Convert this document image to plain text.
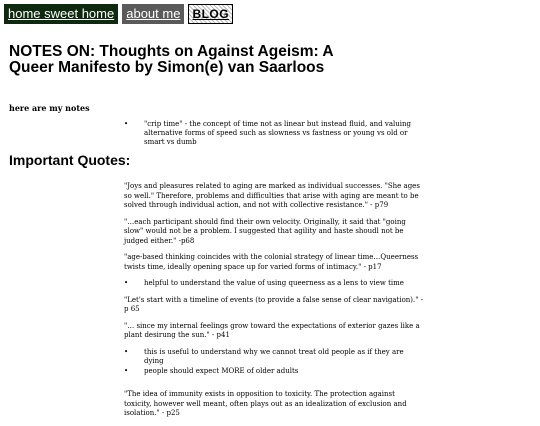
home sweet home about me	BLOG
NOTES ON: Thoughts on Against Ageism: A Queer Manifesto by Simon(e) van Saarloos
here are my notes
• "crip time" - the concept of time not as linear but instead fluid, and valuing alternative forms of speed such as slowness vs fastness or young vs old or smart vs dumb
Important Quotes:

"Joys and pleasures related to aging are marked as individual successes. "She ages so well." Therefore, problems and difficulties that arise with aging are meant to be solved through individual action, and not with collective resistance." - p79

"…each participant should find their own velocity. Originally, it said that "going slow" would not be a problem. I suggested that agility and haste shoudl not be judged either." -p68

"age-based thinking coincides with the colonial strategy of linear time…Queerness twists time, ideally opening space up for varied forms of intimacy." - p17

• helpful to understand the value of using queerness as a lens to view time

"Let's start with a timeline of events (to provide a false sense of clear navigation)." - p 65

"… since my internal feelings grow toward the expectations of exterior gazes like a plant desirung the sun." - p41

• this is useful to understand why we cannot treat old people as if they are dying
• people should expect MORE of older adults

"The idea of immunity exists in opposition to toxicity. The protection against toxicity, however well meant, often plays out as an idealization of exclusion and isolation." - p25
